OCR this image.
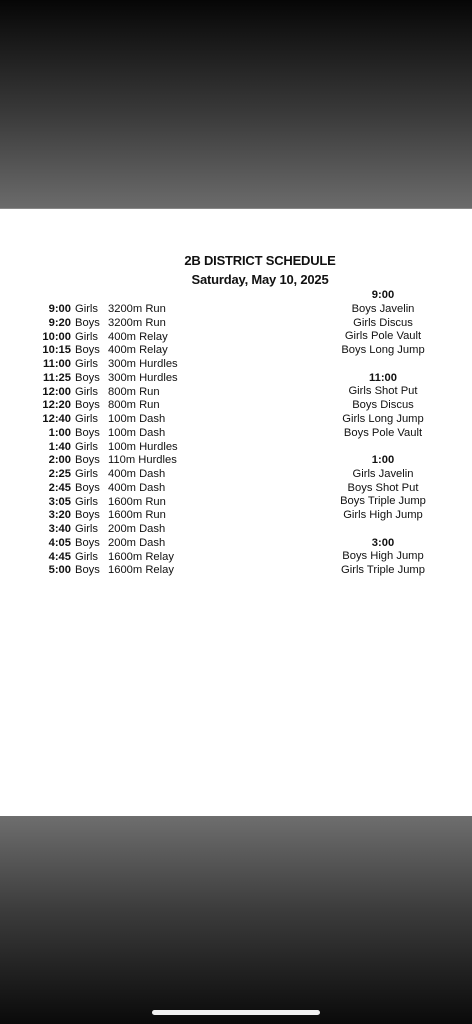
2B DISTRICT SCHEDULE
Saturday, May 10, 2025
9:00 Girls 3200m Run
9:20 Boys 3200m Run
10:00 Girls 400m Relay
10:15 Boys 400m Relay
11:00 Girls 300m Hurdles
11:25 Boys 300m Hurdles
12:00 Girls 800m Run
12:20 Boys 800m Run
12:40 Girls 100m Dash
1:00 Boys 100m Dash
1:40 Girls 100m Hurdles
2:00 Boys 110m Hurdles
2:25 Girls 400m Dash
2:45 Boys 400m Dash
3:05 Girls 1600m Run
3:20 Boys 1600m Run
3:40 Girls 200m Dash
4:05 Boys 200m Dash
4:45 Girls 1600m Relay
5:00 Boys 1600m Relay
9:00
Boys Javelin
Girls Discus
Girls Pole Vault
Boys Long Jump
11:00
Girls Shot Put
Boys Discus
Girls Long Jump
Boys Pole Vault
1:00
Girls Javelin
Boys Shot Put
Boys Triple Jump
Girls High Jump
3:00
Boys High Jump
Girls Triple Jump
